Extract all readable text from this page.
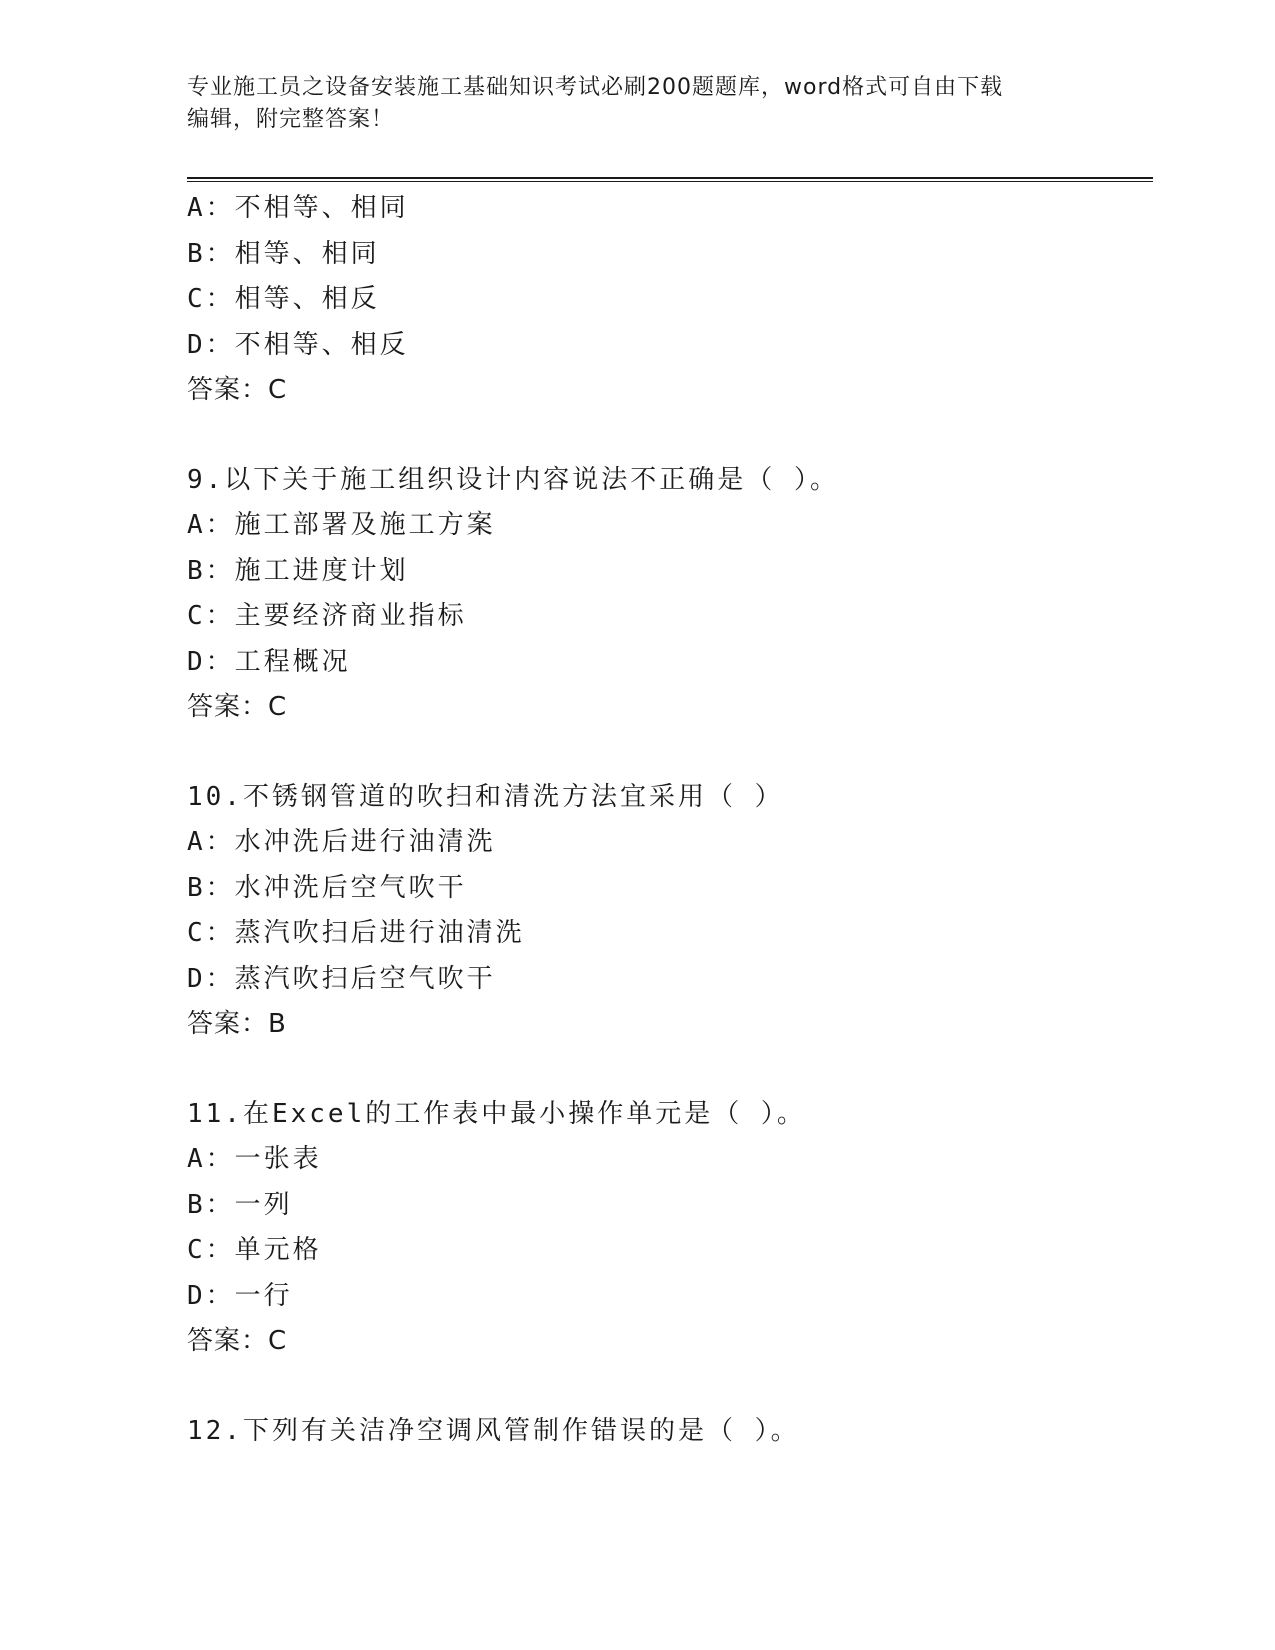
专业施工员之设备安装施工基础知识考试必刷200题题库，word格式可自由下载
编辑，附完整答案！
A：不相等、相同
B：相等、相同
C：相等、相反
D：不相等、相反
答案：C
9.以下关于施工组织设计内容说法不正确是（ ）。
A：施工部署及施工方案
B：施工进度计划
C：主要经济商业指标
D：工程概况
答案：C
10.不锈钢管道的吹扫和清洗方法宜采用（ ）
A：水冲洗后进行油清洗
B：水冲洗后空气吹干
C：蒸汽吹扫后进行油清洗
D：蒸汽吹扫后空气吹干
答案：B
11.在Excel的工作表中最小操作单元是（ ）。
A：一张表
B：一列
C：单元格
D：一行
答案：C
12.下列有关洁净空调风管制作错误的是（ ）。
